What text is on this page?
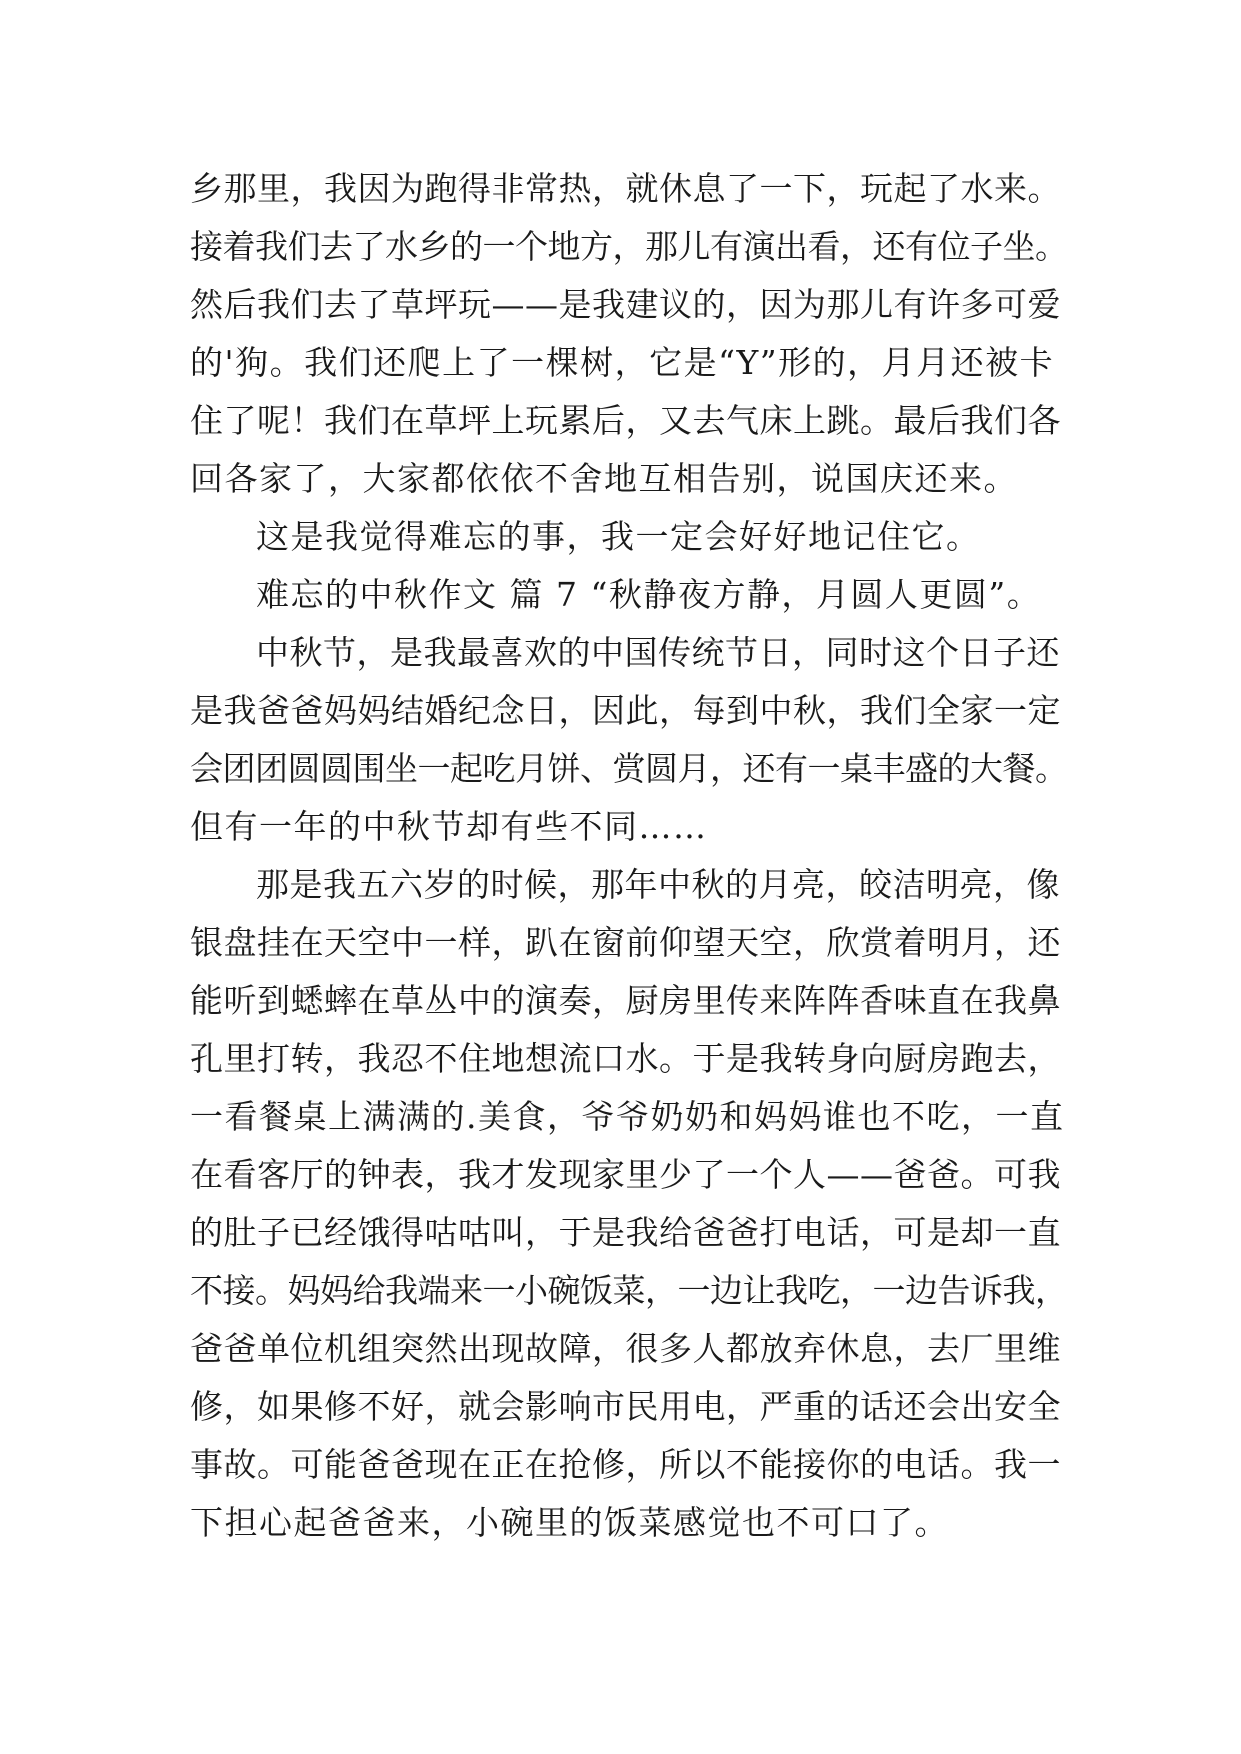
乡那里，我因为跑得非常热，就休息了一下，玩起了水来。
接着我们去了水乡的一个地方，那儿有演出看，还有位子坐。
然后我们去了草坪玩——是我建议的，因为那儿有许多可爱
的'狗。我们还爬上了一棵树，它是“Y”形的，月月还被卡
住了呢！我们在草坪上玩累后，又去气床上跳。最后我们各
回各家了，大家都依依不舍地互相告别，说国庆还来。
这是我觉得难忘的事，我一定会好好地记住它。
难忘的中秋作文 篇 7 “秋静夜方静，月圆人更圆”。
中秋节，是我最喜欢的中国传统节日，同时这个日子还
是我爸爸妈妈结婚纪念日，因此，每到中秋，我们全家一定
会团团圆圆围坐一起吃月饼、赏圆月，还有一桌丰盛的大餐。
但有一年的中秋节却有些不同……
那是我五六岁的时候，那年中秋的月亮，皎洁明亮，像
银盘挂在天空中一样，趴在窗前仰望天空，欣赏着明月，还
能听到蟋蟀在草丛中的演奏，厨房里传来阵阵香味直在我鼻
孔里打转，我忍不住地想流口水。于是我转身向厨房跑去，
一看餐桌上满满的.美食，爷爷奶奶和妈妈谁也不吃，一直
在看客厅的钟表，我才发现家里少了一个人——爸爸。可我
的肚子已经饿得咕咕叫，于是我给爸爸打电话，可是却一直
不接。妈妈给我端来一小碗饭菜，一边让我吃，一边告诉我，
爸爸单位机组突然出现故障，很多人都放弃休息，去厂里维
修，如果修不好，就会影响市民用电，严重的话还会出安全
事故。可能爸爸现在正在抢修，所以不能接你的电话。我一
下担心起爸爸来，小碗里的饭菜感觉也不可口了。
